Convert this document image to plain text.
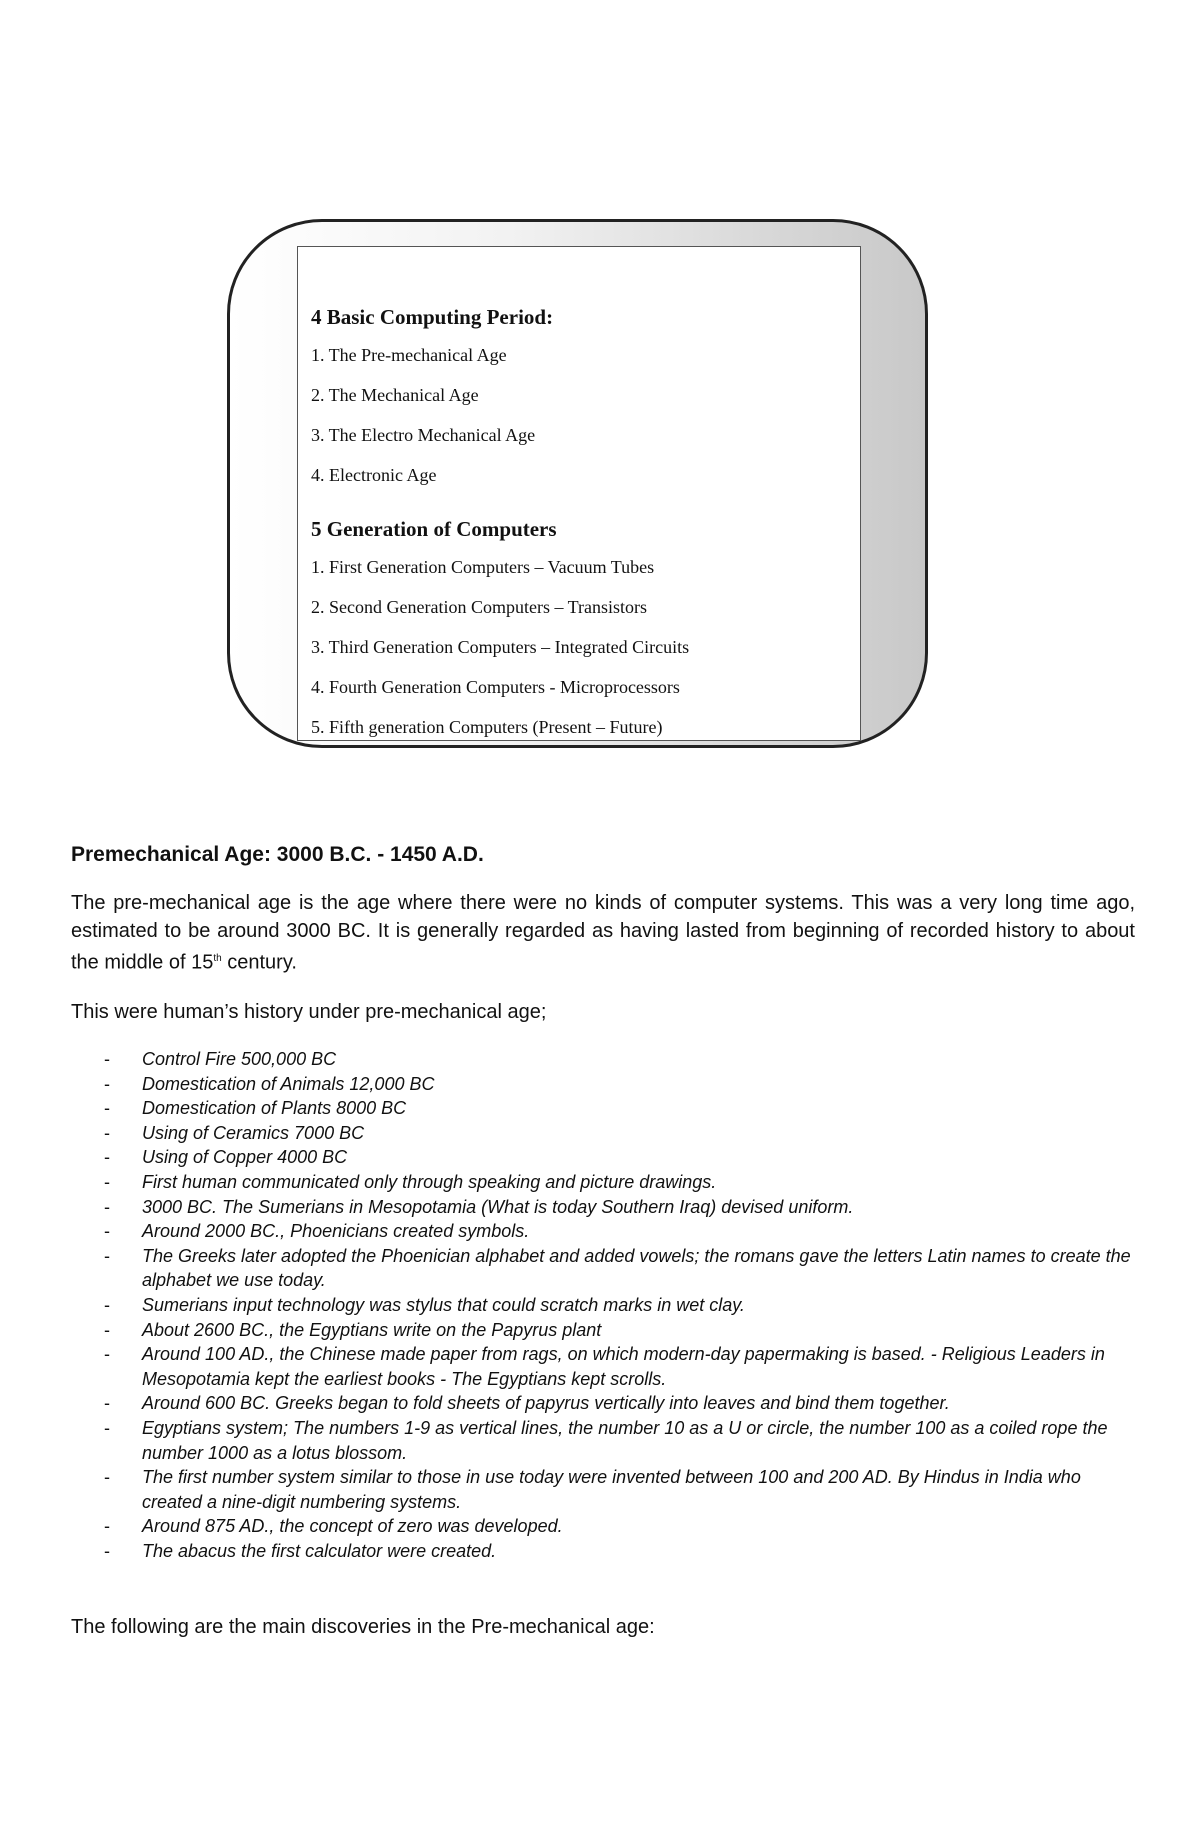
4 Basic Computing Period:
1. The Pre-mechanical Age
2. The Mechanical Age
3. The Electro Mechanical Age
4. Electronic Age
5 Generation of Computers
1. First Generation Computers – Vacuum Tubes
2. Second Generation Computers – Transistors
3. Third Generation Computers – Integrated Circuits
4. Fourth Generation Computers - Microprocessors
5. Fifth generation Computers (Present – Future)
Premechanical Age: 3000 B.C. - 1450 A.D.

The pre-mechanical age is the age where there were no kinds of computer systems. This was a very long time ago, estimated to be around 3000 BC. It is generally regarded as having lasted from beginning of recorded history to about the middle of 15th century.

This were human’s history under pre-mechanical age;

- Control Fire 500,000 BC
- Domestication of Animals 12,000 BC
- Domestication of Plants 8000 BC
- Using of Ceramics 7000 BC
- Using of Copper 4000 BC
- First human communicated only through speaking and picture drawings.
- 3000 BC. The Sumerians in Mesopotamia (What is today Southern Iraq) devised uniform.
- Around 2000 BC., Phoenicians created symbols.
- The Greeks later adopted the Phoenician alphabet and added vowels; the romans gave the letters Latin names to create the alphabet we use today.
- Sumerians input technology was stylus that could scratch marks in wet clay.
- About 2600 BC., the Egyptians write on the Papyrus plant
- Around 100 AD., the Chinese made paper from rags, on which modern-day papermaking is based. - Religious Leaders in Mesopotamia kept the earliest books - The Egyptians kept scrolls.
- Around 600 BC. Greeks began to fold sheets of papyrus vertically into leaves and bind them together.
- Egyptians system; The numbers 1-9 as vertical lines, the number 10 as a U or circle, the number 100 as a coiled rope the number 1000 as a lotus blossom.
- The first number system similar to those in use today were invented between 100 and 200 AD. By Hindus in India who created a nine-digit numbering systems.
- Around 875 AD., the concept of zero was developed.
- The abacus the first calculator were created.

The following are the main discoveries in the Pre-mechanical age:
